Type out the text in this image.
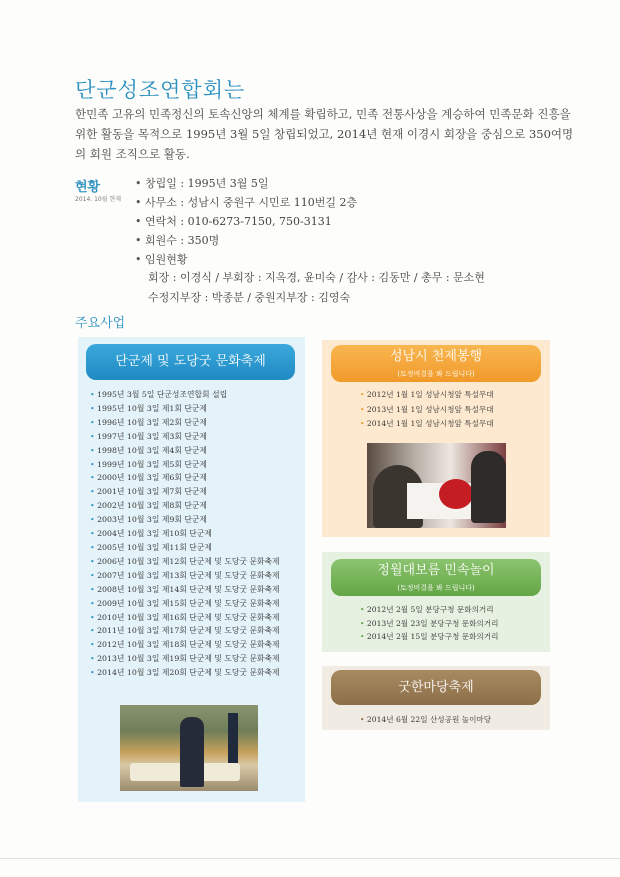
단군성조연합회는
한민족 고유의 민족정신의 토속신앙의 체계를 확립하고, 민족 전통사상을 계승하여 민족문화 진흥을 위한 활동을 목적으로 1995년 3월 5일 창립되었고, 2014년 현재 이경시 회장을 중심으로 350여명의 회원 조직으로 활동.
현황
2014. 10월 현재
• 창립일 : 1995년 3월 5일
• 사무소 : 성남시 중원구 시민로 110번길 2층
• 연락처 : 010-6273-7150, 750-3131
• 회원수 : 350명
• 임원현황
회장 : 이경식 / 부회장 : 지옥경, 윤미숙 / 감사 : 김동만 / 총무 : 문소현
수정지부장 : 박종분 / 중원지부장 : 김영숙
주요사업
단군제 및 도당굿 문화축제
• 1995년 3월 5일 단군성조연합회 설립
• 1995년 10월 3일 제1회 단군제
• 1996년 10월 3일 제2회 단군제
• 1997년 10월 3일 제3회 단군제
• 1998년 10월 3일 제4회 단군제
• 1999년 10월 3일 제5회 단군제
• 2000년 10월 3일 제6회 단군제
• 2001년 10월 3일 제7회 단군제
• 2002년 10월 3일 제8회 단군제
• 2003년 10월 3일 제9회 단군제
• 2004년 10월 3일 제10회 단군제
• 2005년 10월 3일 제11회 단군제
• 2006년 10월 3일 제12회 단군제 및 도당굿 문화축제
• 2007년 10월 3일 제13회 단군제 및 도당굿 문화축제
• 2008년 10월 3일 제14회 단군제 및 도당굿 문화축제
• 2009년 10월 3일 제15회 단군제 및 도당굿 문화축제
• 2010년 10월 3일 제16회 단군제 및 도당굿 문화축제
• 2011년 10월 3일 제17회 단군제 및 도당굿 문화축제
• 2012년 10월 3일 제18회 단군제 및 도당굿 문화축제
• 2013년 10월 3일 제19회 단군제 및 도당굿 문화축제
• 2014년 10월 3일 제20회 단군제 및 도당굿 문화축제
성남시 천제봉행
(토정비결을 봐 드립니다)
• 2012년 1월 1일 성남시청앞 특설무대
• 2013년 1월 1일 성남시청앞 특설무대
• 2014년 1월 1일 성남시청앞 특설무대
정월대보름 민속놀이
(토정비결을 봐 드립니다)
• 2012년 2월 5일 분당구청 문화의거리
• 2013년 2월 23일 분당구청 문화의거리
• 2014년 2월 15일 분당구청 문화의거리
굿한마당축제
• 2014년 6월 22일 산성공원 놀이마당
